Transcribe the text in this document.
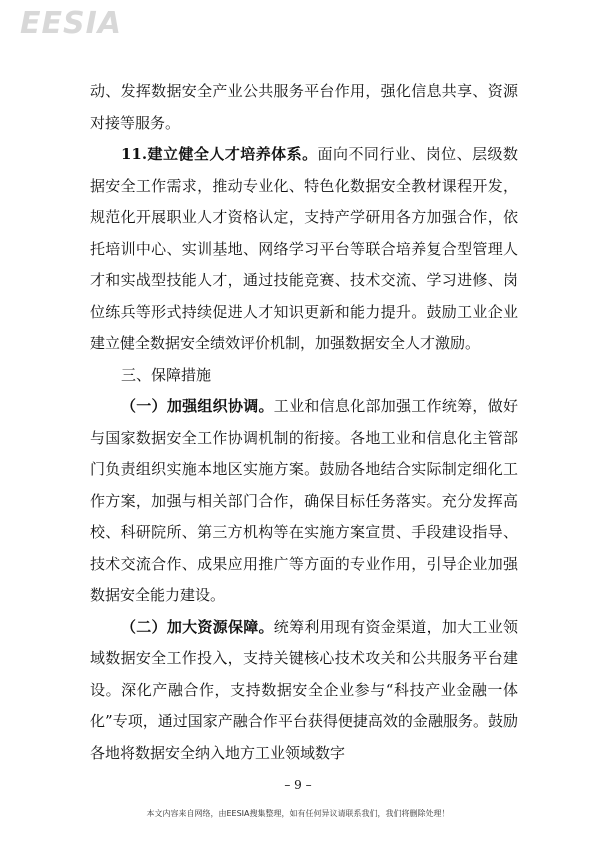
EESIA

动、发挥数据安全产业公共服务平台作用，强化信息共享、资源对接等服务。

11.建立健全人才培养体系。面向不同行业、岗位、层级数据安全工作需求，推动专业化、特色化数据安全教材课程开发，规范化开展职业人才资格认定，支持产学研用各方加强合作，依托培训中心、实训基地、网络学习平台等联合培养复合型管理人才和实战型技能人才，通过技能竞赛、技术交流、学习进修、岗位练兵等形式持续促进人才知识更新和能力提升。鼓励工业企业建立健全数据安全绩效评价机制，加强数据安全人才激励。

三、保障措施

（一）加强组织协调。工业和信息化部加强工作统筹，做好与国家数据安全工作协调机制的衔接。各地工业和信息化主管部门负责组织实施本地区实施方案。鼓励各地结合实际制定细化工作方案，加强与相关部门合作，确保目标任务落实。充分发挥高校、科研院所、第三方机构等在实施方案宣贯、手段建设指导、技术交流合作、成果应用推广等方面的专业作用，引导企业加强数据安全能力建设。

（二）加大资源保障。统筹利用现有资金渠道，加大工业领域数据安全工作投入，支持关键核心技术攻关和公共服务平台建设。深化产融合作，支持数据安全企业参与“科技产业金融一体化”专项，通过国家产融合作平台获得便捷高效的金融服务。鼓励各地将数据安全纳入地方工业领域数字

– 9 –
本文内容来自网络，由EESIA搜集整理，如有任何异议请联系我们，我们将删除处理！
